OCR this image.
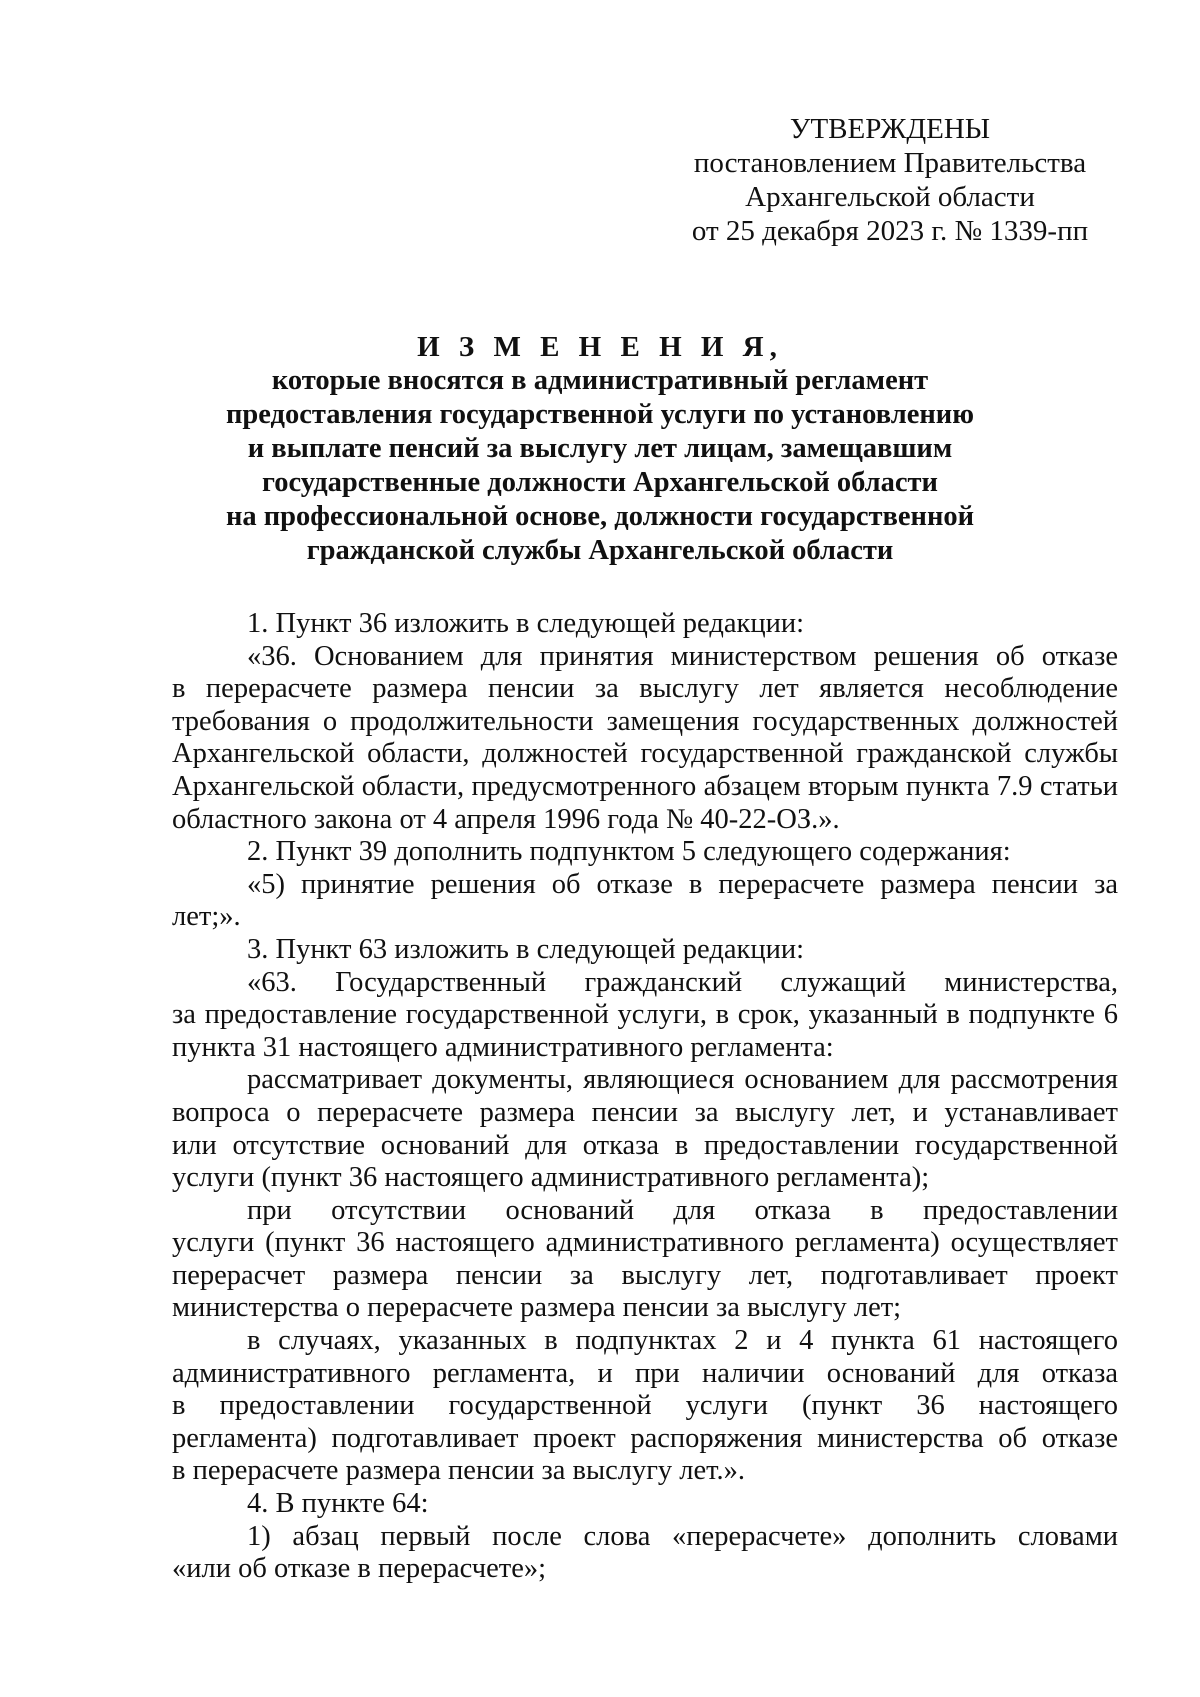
УТВЕРЖДЕНЫ
постановлением Правительства
Архангельской области
от 25 декабря 2023 г. № 1339-пп
И З М Е Н Е Н И Я,
которые вносятся в административный регламент
предоставления государственной услуги по установлению
и выплате пенсий за выслугу лет лицам, замещавшим
государственные должности Архангельской области
на профессиональной основе, должности государственной
гражданской службы Архангельской области
1. Пункт 36 изложить в следующей редакции:
«36. Основанием для принятия министерством решения об отказе
в перерасчете размера пенсии за выслугу лет является несоблюдение
требования о продолжительности замещения государственных должностей
Архангельской области, должностей государственной гражданской службы
Архангельской области, предусмотренного абзацем вторым пункта 7.9 статьи
областного закона от 4 апреля 1996 года № 40-22-ОЗ.».
2. Пункт 39 дополнить подпунктом 5 следующего содержания:
«5) принятие решения об отказе в перерасчете размера пенсии за
лет;».
3. Пункт 63 изложить в следующей редакции:
«63. Государственный гражданский служащий министерства,
за предоставление государственной услуги, в срок, указанный в подпункте 6
пункта 31 настоящего административного регламента:
рассматривает документы, являющиеся основанием для рассмотрения
вопроса о перерасчете размера пенсии за выслугу лет, и устанавливает
или отсутствие оснований для отказа в предоставлении государственной
услуги (пункт 36 настоящего административного регламента);
при отсутствии оснований для отказа в предоставлении
услуги (пункт 36 настоящего административного регламента) осуществляет
перерасчет размера пенсии за выслугу лет, подготавливает проект
министерства о перерасчете размера пенсии за выслугу лет;
в случаях, указанных в подпунктах 2 и 4 пункта 61 настоящего
административного регламента, и при наличии оснований для отказа
в предоставлении государственной услуги (пункт 36 настоящего
регламента) подготавливает проект распоряжения министерства об отказе
в перерасчете размера пенсии за выслугу лет.».
4. В пункте 64:
1) абзац первый после слова «перерасчете» дополнить словами
«или об отказе в перерасчете»;
